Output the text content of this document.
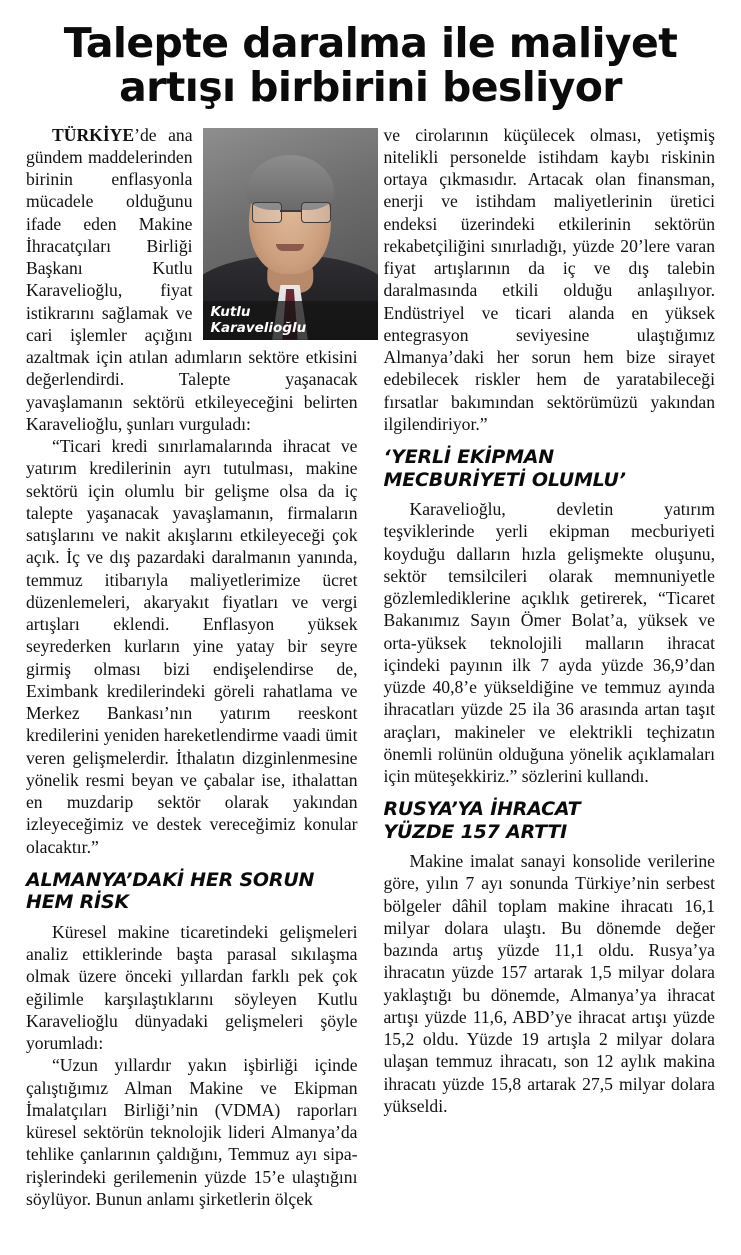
Talepte daralma ile maliyet
artışı birbirini besliyor
Kutlu
Karavelioğlu

TÜRKİYE’de ana gündem maddelerinden birinin enflasyonla mücadele olduğunu ifade eden Makine İhracatçıları Birliği Başkanı Kutlu Karavelioğlu, fiyat istikrarını sağlamak ve cari işlemler açığını azaltmak için atılan adımların sektöre etkisini değerlendirdi. Talepte yaşanacak yavaşlamanın sektörü etkileyeceğini belirten Karavelioğlu, şunları vurguladı:

“Ticari kredi sınırlamalarında ihracat ve yatırım kredilerinin ayrı tutulması, makine sektörü için olumlu bir gelişme olsa da iç talepte yaşanacak yavaşlamanın, firmaların satışlarını ve nakit akışlarını etkileyeceği çok açık. İç ve dış pazardaki daralmanın yanında, temmuz itibarıyla maliyetlerimize ücret düzenlemeleri, akaryakıt fiyatları ve vergi artışları eklendi. Enflasyon yüksek seyrederken kurların yine yatay bir seyre girmiş olması bizi endişelendirse de, Eximbank kredilerindeki göreli rahatlama ve Merkez Bankası’nın yatırım reeskont kredilerini yeniden hareketlendirme vaadi ümit veren gelişmelerdir. İthalatın dizginlenmesine yönelik resmi beyan ve çabalar ise, ithalattan en muzdarip sektör olarak yakından izleyeceğimiz ve destek vereceğimiz konular olacaktır.”

ALMANYA’DAKİ HER SORUN
HEM RİSK

Küresel makine ticaretindeki gelişmeleri analiz ettiklerinde başta parasal sıkılaşma olmak üzere önceki yıllardan farklı pek çok eğilimle karşılaştıklarını söyleyen Kutlu Karavelioğlu dünyadaki gelişmeleri şöyle yorumladı:

“Uzun yıllardır yakın işbirliği içinde çalıştığımız Alman Makine ve Ekipman İmalatçıları Birliği’nin (VDMA) raporları küresel sektörün teknolojik lideri Almanya’da tehlike çanlarının çaldığını, Temmuz ayı sipa-rişlerindeki gerilemenin yüzde 15’e ulaştığını söylüyor. Bunun anlamı şirketlerin ölçek

ve cirolarının küçülecek olması, yetişmiş nitelikli personelde istihdam kaybı riskinin ortaya çıkmasıdır. Artacak olan finansman, enerji ve istihdam maliyetlerinin üretici endeksi üzerindeki etkilerinin sektörün rekabetçiliğini sınırladığı, yüzde 20’lere varan fiyat artışlarının da iç ve dış talebin daralmasında etkili olduğu anlaşılıyor. Endüstriyel ve ticari alanda en yüksek entegrasyon seviyesine ulaştığımız Almanya’daki her sorun hem bize sirayet edebilecek riskler hem de yaratabileceği fırsatlar bakımından sektörümüzü yakından ilgilendiriyor.”

‘YERLİ EKİPMAN
MECBURİYETİ OLUMLU’

Karavelioğlu, devletin yatırım teşviklerinde yerli ekipman mecburiyeti koyduğu dalların hızla gelişmekte oluşunu, sektör temsilcileri olarak memnuniyetle gözlemlediklerine açıklık getirerek, “Ticaret Bakanımız Sayın Ömer Bolat’a, yüksek ve orta-yüksek teknolojili malların ihracat içindeki payının ilk 7 ayda yüzde 36,9’dan yüzde 40,8’e yükseldiğine ve temmuz ayında ihracatları yüzde 25 ila 36 arasında artan taşıt araçları, makineler ve elektrikli teçhizatın önemli rolünün olduğuna yönelik açıklamaları için müteşekkiriz.” sözlerini kullandı.

RUSYA’YA İHRACAT
YÜZDE 157 ARTTI

Makine imalat sanayi konsolide verilerine göre, yılın 7 ayı sonunda Türkiye’nin serbest bölgeler dâhil toplam makine ihracatı 16,1 milyar dolara ulaştı. Bu dönemde değer bazında artış yüzde 11,1 oldu. Rusya’ya ihracatın yüzde 157 artarak 1,5 milyar dolara yaklaştığı bu dönemde, Almanya’ya ihracat artışı yüzde 11,6, ABD’ye ihracat artışı yüzde 15,2 oldu. Yüzde 19 artışla 2 milyar dolara ulaşan temmuz ihracatı, son 12 aylık makina ihracatı yüzde 15,8 artarak 27,5 milyar dolara yükseldi.
